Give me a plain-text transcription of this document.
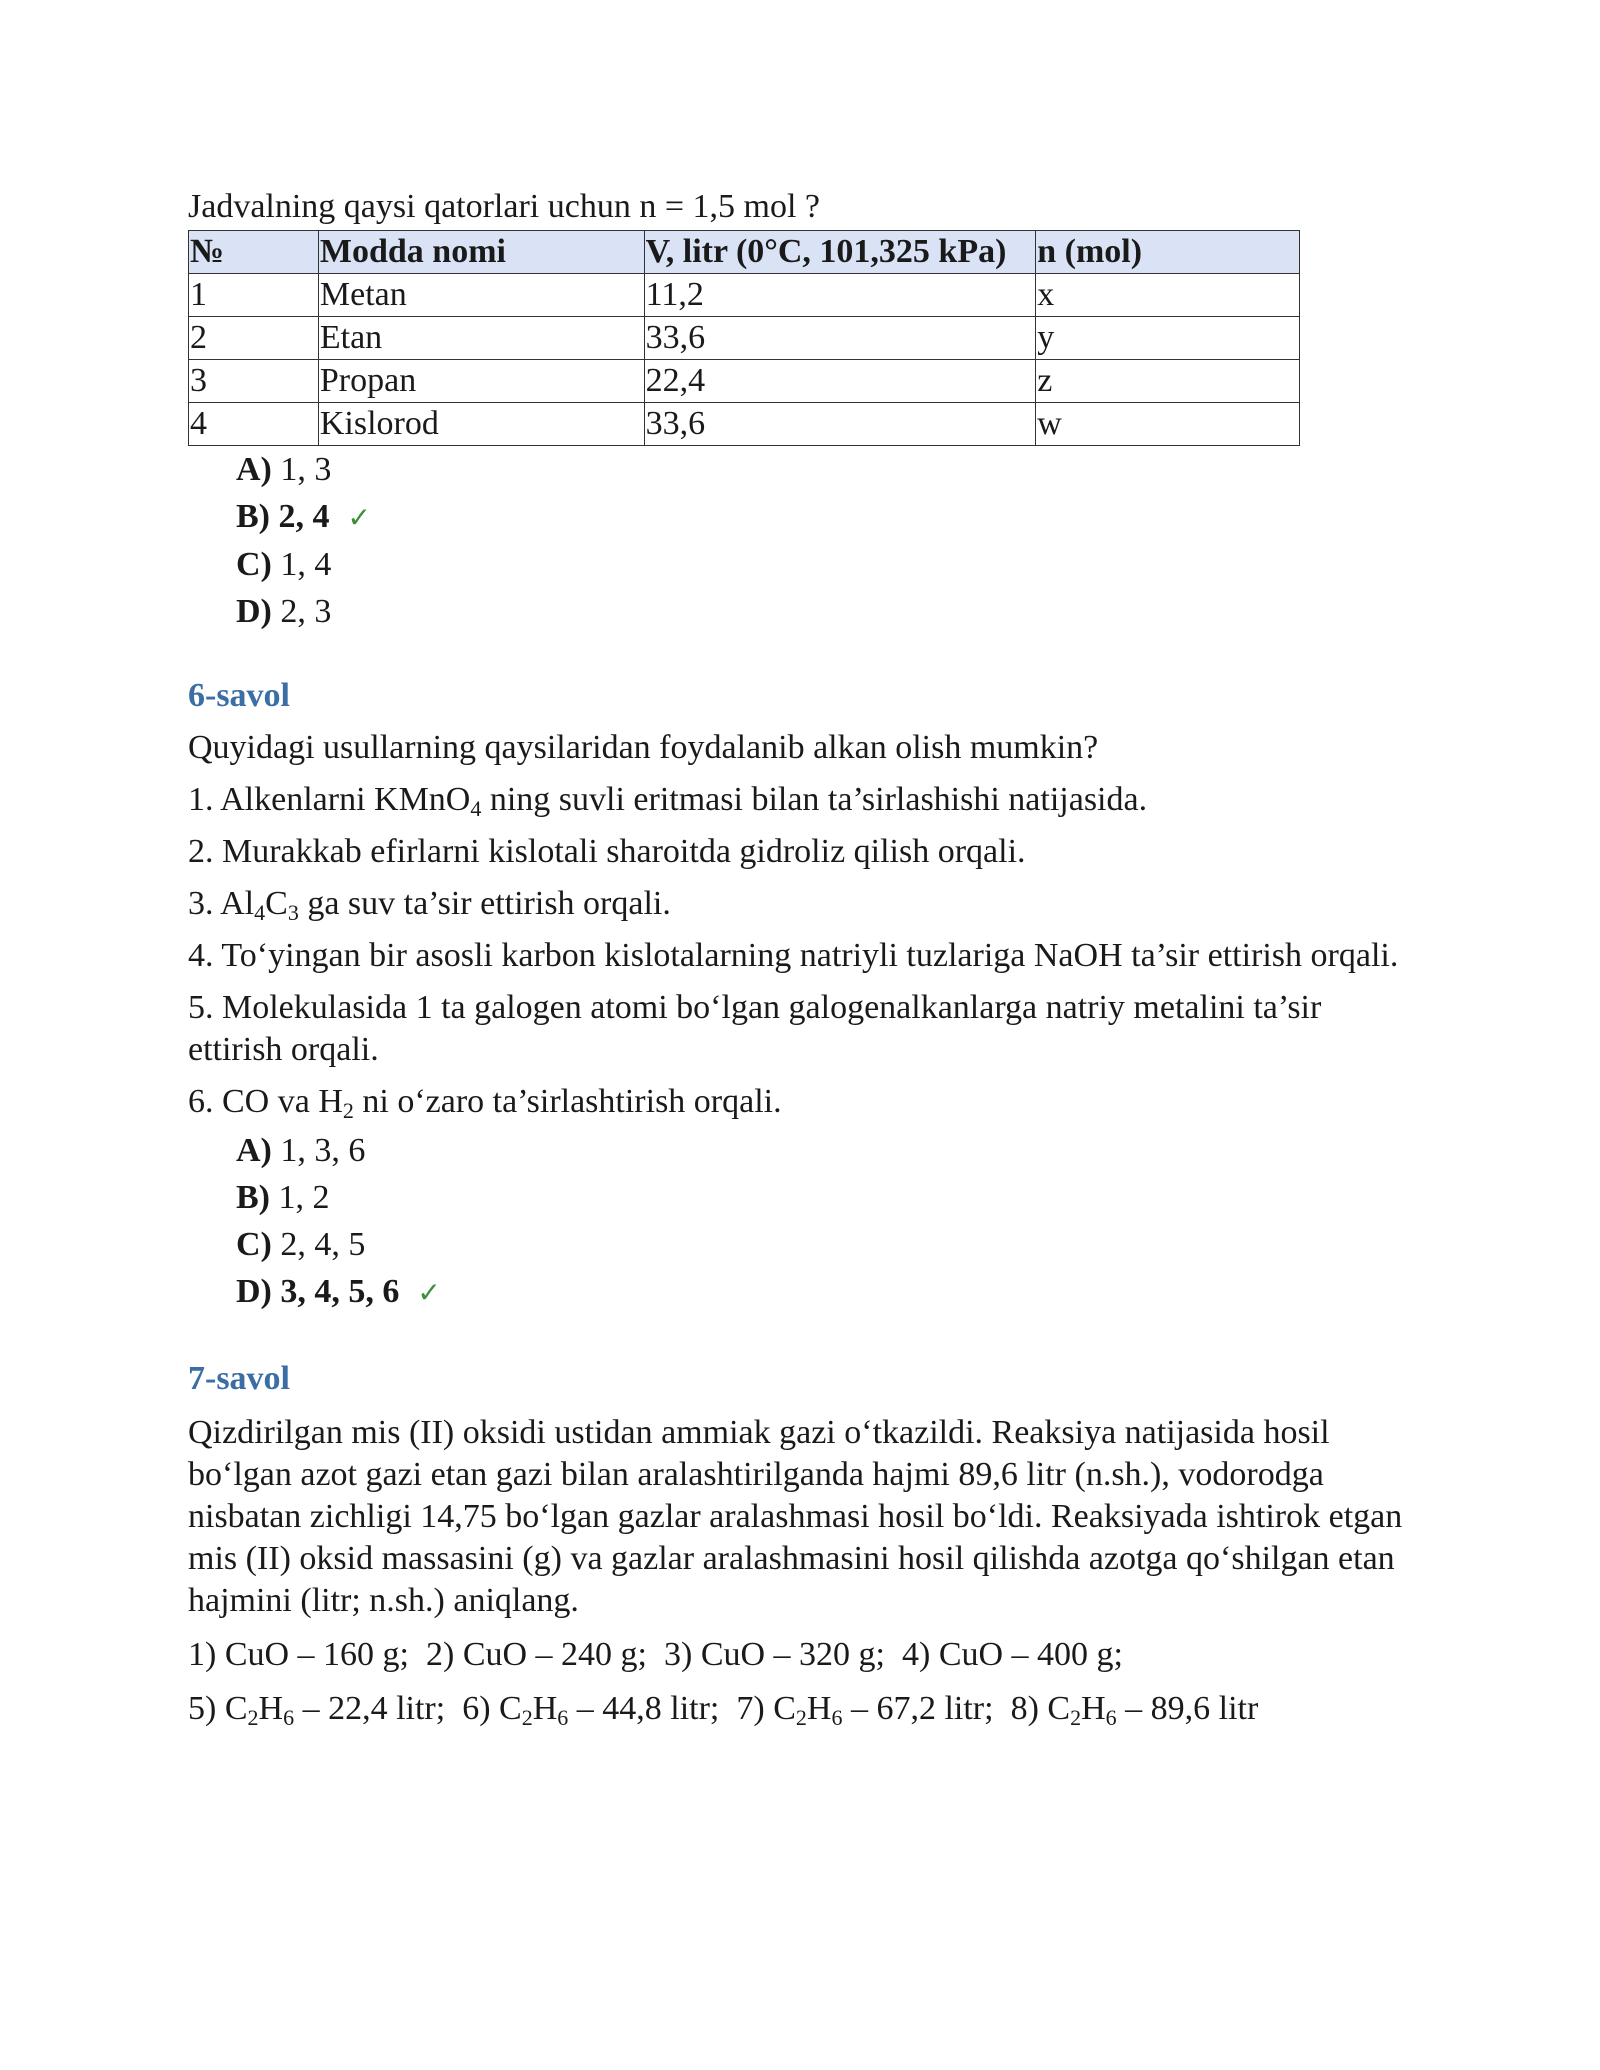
Jadvalning qaysi qatorlari uchun n = 1,5 mol ?

№	Modda nomi	V, litr (0°C, 101,325 kPa)	n (mol)
1	Metan	11,2	x
2	Etan	33,6	y
3	Propan	22,4	z
4	Kislorod	33,6	w

A) 1, 3

B) 2, 4 ✓

C) 1, 4

D) 2, 3

6-savol

Quyidagi usullarning qaysilaridan foydalanib alkan olish mumkin?

1. Alkenlarni KMnO$_4$ ning suvli eritmasi bilan ta’sirlashishi natijasida.

2. Murakkab efirlarni kislotali sharoitda gidroliz qilish orqali.

3. $Al_4C_3$ ga suv ta’sir ettirish orqali.

4. To‘yingan bir asosli karbon kislotalarning natriyli tuzlariga NaOH ta’sir ettirish orqali.

5. Molekulasida 1 ta galogen atomi bo‘lgan galogenalkanlarga natriy metalini ta’sir ettirish orqali.

6. CO va $H_2$ ni o‘zaro ta’sirlashtirish orqali.

A) 1, 3, 6

B) 1, 2

C) 2, 4, 5

D) 3, 4, 5, 6 ✓

7-savol

Qizdirilgan mis (II) oksidi ustidan ammiak gazi o‘tkazildi. Reaksiya natijasida hosil bo‘lgan azot gazi etan gazi bilan aralashtirilganda hajmi 89,6 litr (n.sh.), vodorodga nisbatan zichligi 14,75 bo‘lgan gazlar aralashmasi hosil bo‘ldi. Reaksiyada ishtirok etgan mis (II) oksid massasini (g) va gazlar aralashmasini hosil qilishda azotga qo‘shilgan etan hajmini (litr; n.sh.) aniqlang.

1) CuO – 160 g;  2) CuO – 240 g;  3) CuO – 320 g;  4) CuO – 400 g;

5) $C_2H_6 - 22,4$ litr;  6) $C_2H_6 - 44,8$ litr;  7) $C_2H_6 - 67,2$ litr;  8) $C_2H_6 - 89,6$ litr
